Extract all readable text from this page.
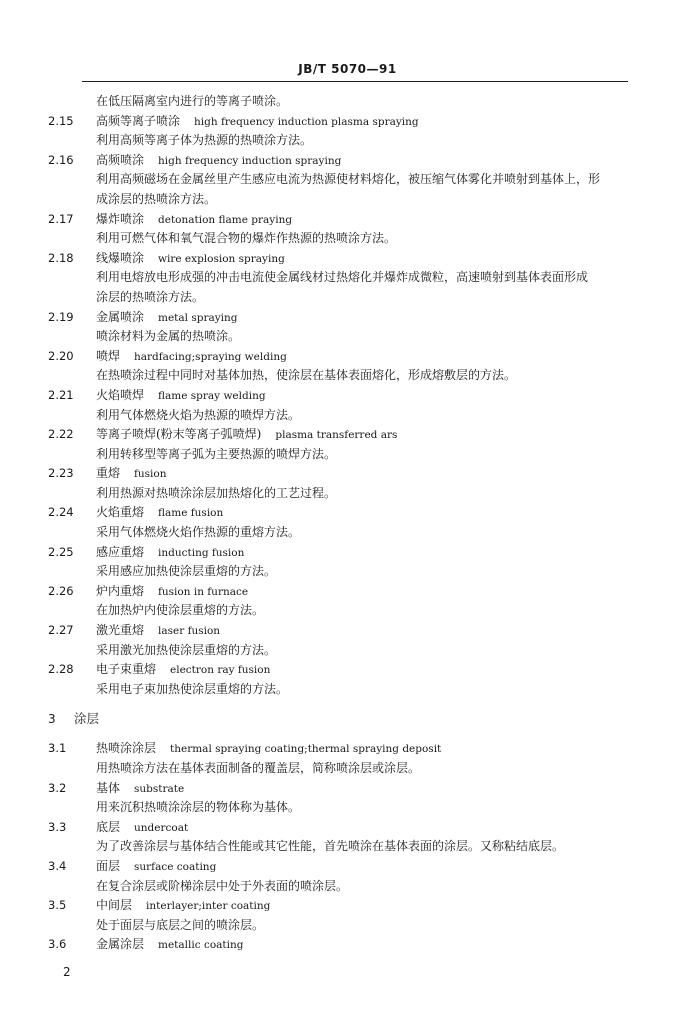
JB/T 5070—91
在低压隔离室内进行的等离子喷涂。
2.15	高频等离子喷涂 high frequency induction plasma spraying
利用高频等离子体为热源的热喷涂方法。
2.16	高频喷涂 high frequency induction spraying
利用高频磁场在金属丝里产生感应电流为热源使材料熔化，被压缩气体雾化并喷射到基体上，形
成涂层的热喷涂方法。
2.17	爆炸喷涂 detonation flame praying
利用可燃气体和氧气混合物的爆炸作热源的热喷涂方法。
2.18	线爆喷涂 wire explosion spraying
利用电熔放电形成强的冲击电流使金属线材过热熔化并爆炸成微粒，高速喷射到基体表面形成
涂层的热喷涂方法。
2.19	金属喷涂 metal spraying
喷涂材料为金属的热喷涂。
2.20	喷焊 hardfacing;spraying welding
在热喷涂过程中同时对基体加热，使涂层在基体表面熔化，形成熔敷层的方法。
2.21	火焰喷焊 flame spray welding
利用气体燃烧火焰为热源的喷焊方法。
2.22	等离子喷焊(粉末等离子弧喷焊) plasma transferred ars
利用转移型等离子弧为主要热源的喷焊方法。
2.23	重熔 fusion
利用热源对热喷涂涂层加热熔化的工艺过程。
2.24	火焰重熔 flame fusion
采用气体燃烧火焰作热源的重熔方法。
2.25	感应重熔 inducting fusion
采用感应加热使涂层重熔的方法。
2.26	炉内重熔 fusion in furnace
在加热炉内使涂层重熔的方法。
2.27	激光重熔 laser fusion
采用激光加热使涂层重熔的方法。
2.28	电子束重熔 electron ray fusion
采用电子束加热使涂层重熔的方法。
3	涂层
3.1	热喷涂涂层 thermal spraying coating;thermal spraying deposit
用热喷涂方法在基体表面制备的覆盖层，简称喷涂层或涂层。
3.2	基体 substrate
用来沉积热喷涂涂层的物体称为基体。
3.3	底层 undercoat
为了改善涂层与基体结合性能或其它性能，首先喷涂在基体表面的涂层。又称粘结底层。
3.4	面层 surface coating
在复合涂层或阶梯涂层中处于外表面的喷涂层。
3.5	中间层 interlayer;inter coating
处于面层与底层之间的喷涂层。
3.6	金属涂层 metallic coating
2
